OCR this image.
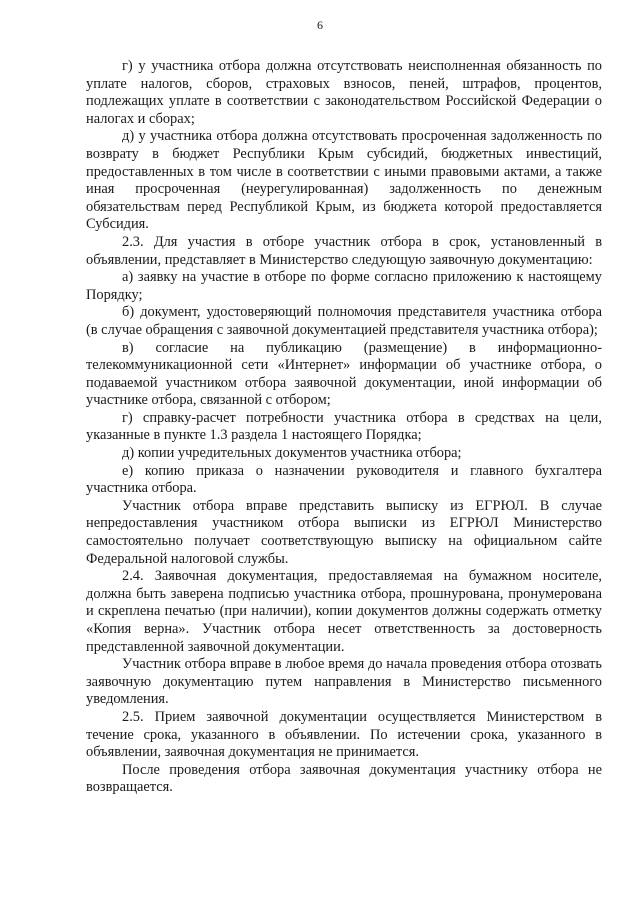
6

г) у участника отбора должна отсутствовать неисполненная обязанность по уплате налогов, сборов, страховых взносов, пеней, штрафов, процентов, подлежащих уплате в соответствии с законодательством Российской Федерации о налогах и сборах;

д) у участника отбора должна отсутствовать просроченная задолженность по возврату в бюджет Республики Крым субсидий, бюджетных инвестиций, предоставленных в том числе в соответствии с иными правовыми актами, а также иная просроченная (неурегулированная) задолженность по денежным обязательствам перед Республикой Крым, из бюджета которой предоставляется Субсидия.

2.3. Для участия в отборе участник отбора в срок, установленный в объявлении, представляет в Министерство следующую заявочную документацию:

а) заявку на участие в отборе по форме согласно приложению к настоящему Порядку;

б) документ, удостоверяющий полномочия представителя участника отбора (в случае обращения с заявочной документацией представителя участника отбора);

в) согласие на публикацию (размещение) в информационно-телекоммуникационной сети «Интернет» информации об участнике отбора, о подаваемой участником отбора заявочной документации, иной информации об участнике отбора, связанной с отбором;

г) справку-расчет потребности участника отбора в средствах на цели, указанные в пункте 1.3 раздела 1 настоящего Порядка;

д) копии учредительных документов участника отбора;

е) копию приказа о назначении руководителя и главного бухгалтера участника отбора.

Участник отбора вправе представить выписку из ЕГРЮЛ. В случае непредоставления участником отбора выписки из ЕГРЮЛ Министерство самостоятельно получает соответствующую выписку на официальном сайте Федеральной налоговой службы.

2.4. Заявочная документация, предоставляемая на бумажном носителе, должна быть заверена подписью участника отбора, прошнурована, пронумерована и скреплена печатью (при наличии), копии документов должны содержать отметку «Копия верна». Участник отбора несет ответственность за достоверность представленной заявочной документации.

Участник отбора вправе в любое время до начала проведения отбора отозвать заявочную документацию путем направления в Министерство письменного уведомления.

2.5. Прием заявочной документации осуществляется Министерством в течение срока, указанного в объявлении. По истечении срока, указанного в объявлении, заявочная документация не принимается.

После проведения отбора заявочная документация участнику отбора не возвращается.
